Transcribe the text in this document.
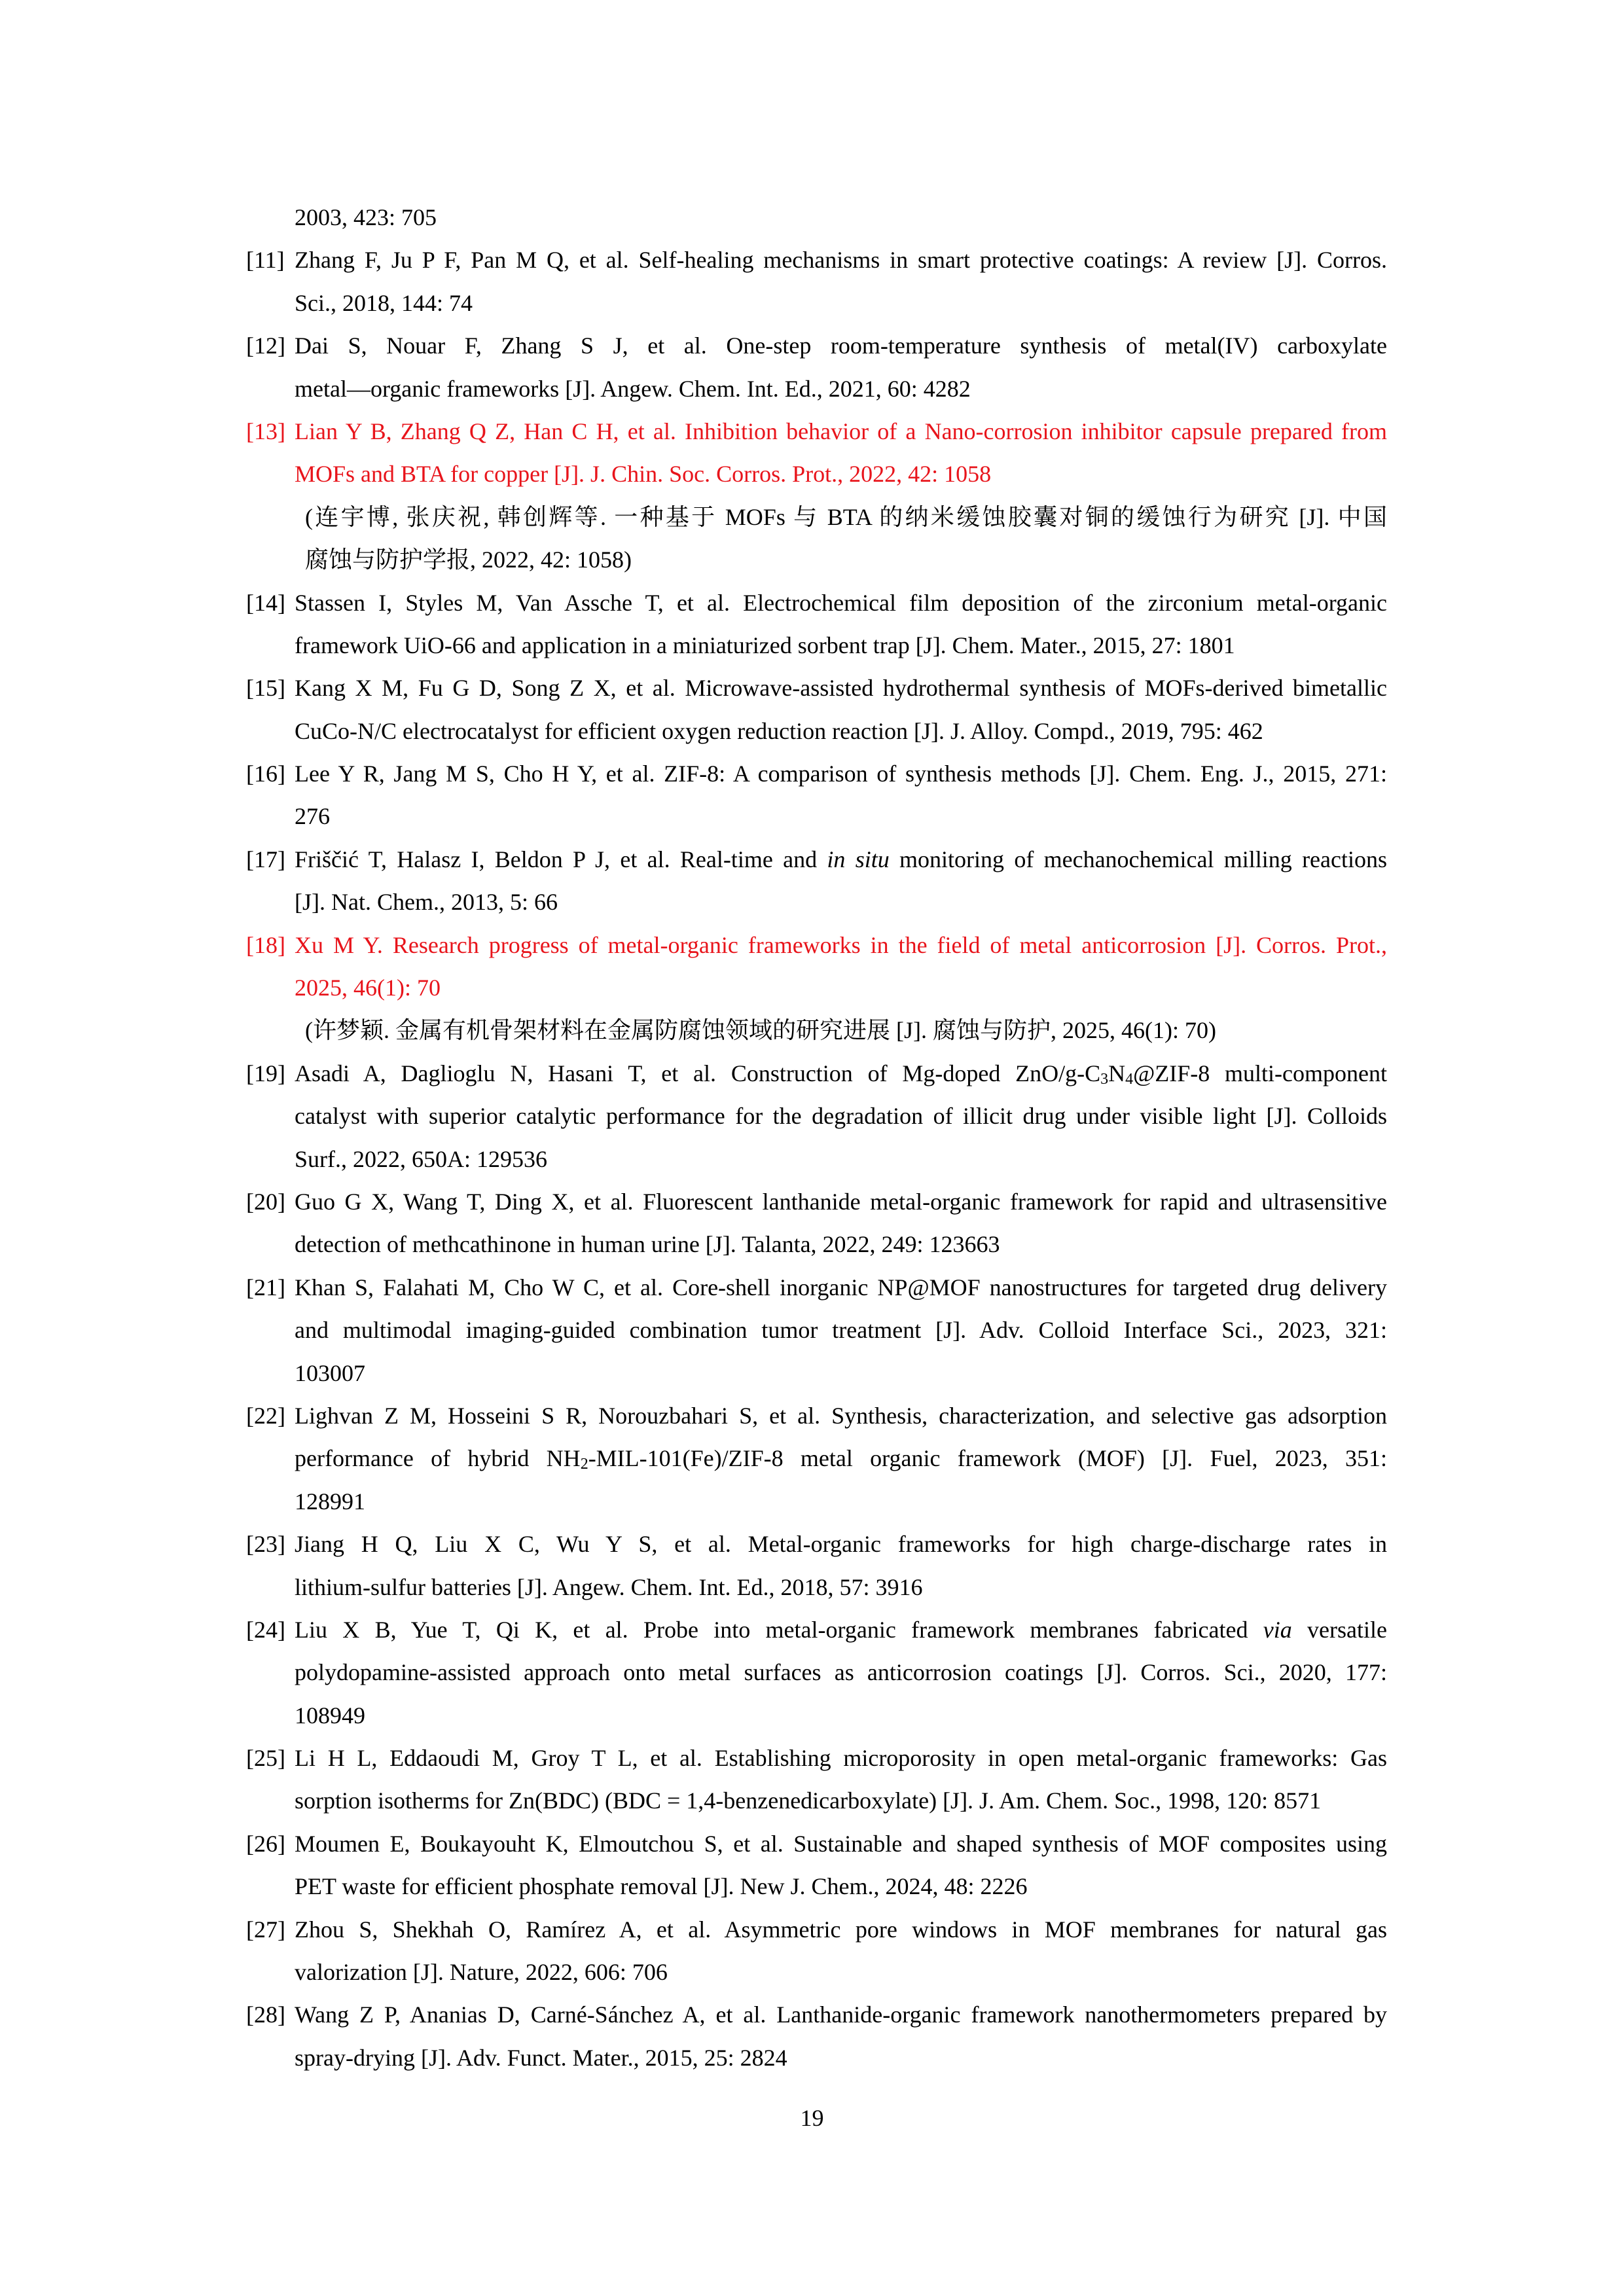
2003, 423: 705
[11] Zhang F, Ju P F, Pan M Q, et al. Self-healing mechanisms in smart protective coatings: A review [J]. Corros.
Sci., 2018, 144: 74
[12] Dai S, Nouar F, Zhang S J, et al. One-step room-temperature synthesis of metal(IV) carboxylate
metal—organic frameworks [J]. Angew. Chem. Int. Ed., 2021, 60: 4282
[13] Lian Y B, Zhang Q Z, Han C H, et al. Inhibition behavior of a Nano-corrosion inhibitor capsule prepared from
MOFs and BTA for copper [J]. J. Chin. Soc. Corros. Prot., 2022, 42: 1058
(连宇博, 张庆祝, 韩创辉等. 一种基于 MOFs 与 BTA 的纳米缓蚀胶囊对铜的缓蚀行为研究 [J]. 中国
腐蚀与防护学报, 2022, 42: 1058)
[14] Stassen I, Styles M, Van Assche T, et al. Electrochemical film deposition of the zirconium metal-organic
framework UiO-66 and application in a miniaturized sorbent trap [J]. Chem. Mater., 2015, 27: 1801
[15] Kang X M, Fu G D, Song Z X, et al. Microwave-assisted hydrothermal synthesis of MOFs-derived bimetallic
CuCo-N/C electrocatalyst for efficient oxygen reduction reaction [J]. J. Alloy. Compd., 2019, 795: 462
[16] Lee Y R, Jang M S, Cho H Y, et al. ZIF-8: A comparison of synthesis methods [J]. Chem. Eng. J., 2015, 271:
276
[17] Friščić T, Halasz I, Beldon P J, et al. Real-time and in situ monitoring of mechanochemical milling reactions
[J]. Nat. Chem., 2013, 5: 66
[18] Xu M Y. Research progress of metal-organic frameworks in the field of metal anticorrosion [J]. Corros. Prot.,
2025, 46(1): 70
(许梦颖. 金属有机骨架材料在金属防腐蚀领域的研究进展 [J]. 腐蚀与防护, 2025, 46(1): 70)
[19] Asadi A, Daglioglu N, Hasani T, et al. Construction of Mg-doped ZnO/$g-C_3N_4@ZIF-8$ multi-component
catalyst with superior catalytic performance for the degradation of illicit drug under visible light [J]. Colloids
Surf., 2022, 650A: 129536
[20] Guo G X, Wang T, Ding X, et al. Fluorescent lanthanide metal-organic framework for rapid and ultrasensitive
detection of methcathinone in human urine [J]. Talanta, 2022, 249: 123663
[21] Khan S, Falahati M, Cho W C, et al. Core-shell inorganic NP@MOF nanostructures for targeted drug delivery
and multimodal imaging-guided combination tumor treatment [J]. Adv. Colloid Interface Sci., 2023, 321:
103007
[22] Lighvan Z M, Hosseini S R, Norouzbahari S, et al. Synthesis, characterization, and selective gas adsorption
performance of hybrid $NH_2-MIL-101(Fe)/ZIF-8$ metal organic framework (MOF) [J]. Fuel, 2023, 351:
128991
[23] Jiang H Q, Liu X C, Wu Y S, et al. Metal-organic frameworks for high charge-discharge rates in
lithium-sulfur batteries [J]. Angew. Chem. Int. Ed., 2018, 57: 3916
[24] Liu X B, Yue T, Qi K, et al. Probe into metal-organic framework membranes fabricated via versatile
polydopamine-assisted approach onto metal surfaces as anticorrosion coatings [J]. Corros. Sci., 2020, 177:
108949
[25] Li H L, Eddaoudi M, Groy T L, et al. Establishing microporosity in open metal-organic frameworks: Gas
sorption isotherms for Zn(BDC) (BDC = 1,4-benzenedicarboxylate) [J]. J. Am. Chem. Soc., 1998, 120: 8571
[26] Moumen E, Boukayouht K, Elmoutchou S, et al. Sustainable and shaped synthesis of MOF composites using
PET waste for efficient phosphate removal [J]. New J. Chem., 2024, 48: 2226
[27] Zhou S, Shekhah O, Ramírez A, et al. Asymmetric pore windows in MOF membranes for natural gas
valorization [J]. Nature, 2022, 606: 706
[28] Wang Z P, Ananias D, Carné-Sánchez A, et al. Lanthanide-organic framework nanothermometers prepared by
spray-drying [J]. Adv. Funct. Mater., 2015, 25: 2824
19
